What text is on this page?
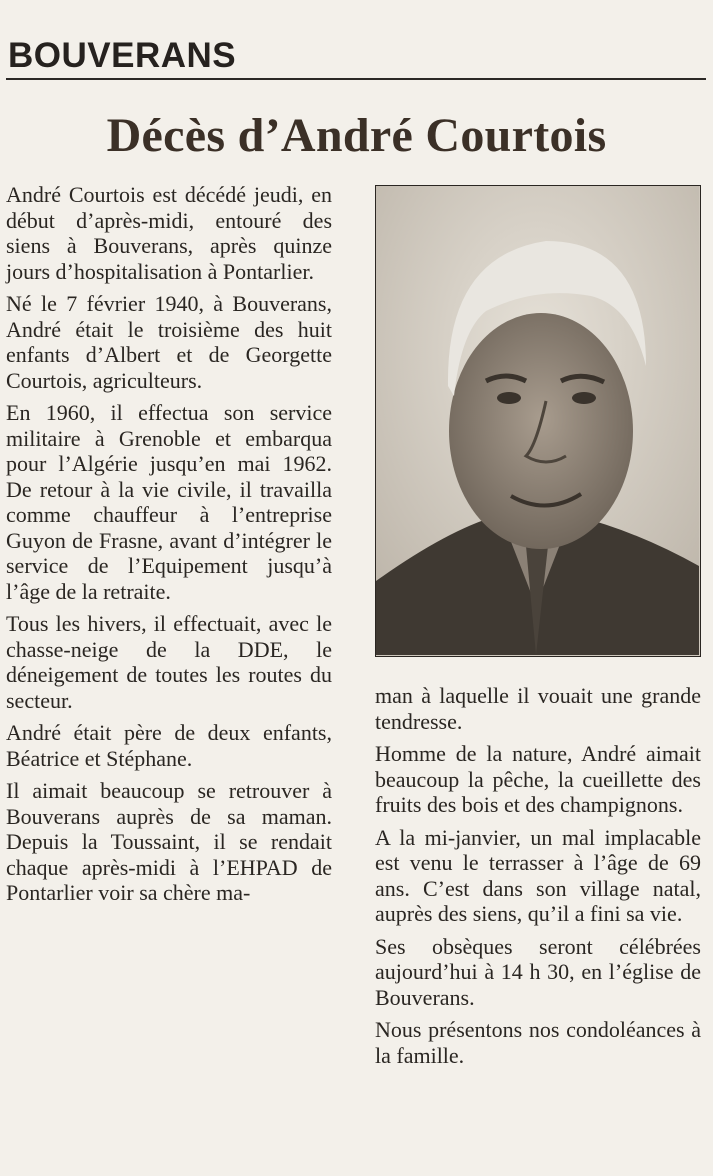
BOUVERANS
Décès d’André Courtois

André Courtois est décédé jeudi, en début d’après-midi, entouré des siens à Bouverans, après quinze jours d’hospitalisation à Pontarlier.

Né le 7 février 1940, à Bouverans, André était le troisième des huit enfants d’Albert et de Georgette Courtois, agriculteurs.

En 1960, il effectua son service militaire à Grenoble et embarqua pour l’Algérie jusqu’en mai 1962. De retour à la vie civile, il travailla comme chauffeur à l’entreprise Guyon de Frasne, avant d’intégrer le service de l’Equipement jusqu’à l’âge de la retraite.

Tous les hivers, il effectuait, avec le chasse-neige de la DDE, le déneigement de toutes les routes du secteur.

André était père de deux enfants, Béatrice et Stéphane.

Il aimait beaucoup se retrouver à Bouverans auprès de sa maman. Depuis la Toussaint, il se rendait chaque après-midi à l’EHPAD de Pontarlier voir sa chère ma-

man à laquelle il vouait une grande tendresse.

Homme de la nature, André aimait beaucoup la pêche, la cueillette des fruits des bois et des champignons.

A la mi-janvier, un mal implacable est venu le terrasser à l’âge de 69 ans. C’est dans son village natal, auprès des siens, qu’il a fini sa vie.

Ses obsèques seront célébrées aujourd’hui à 14 h 30, en l’église de Bouverans.

Nous présentons nos condoléances à la famille.
